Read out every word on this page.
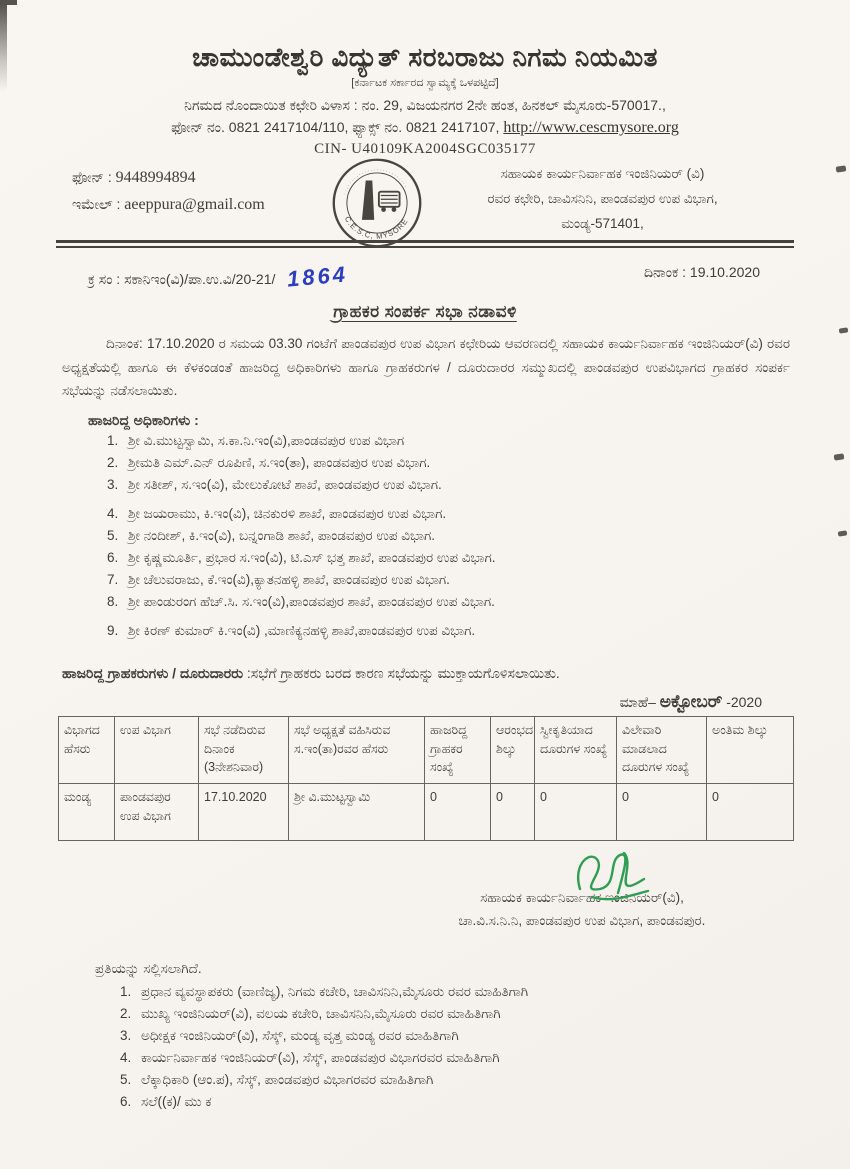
ಚಾಮುಂಡೇಶ್ವರಿ ವಿದ್ಯುತ್ ಸರಬರಾಜು ನಿಗಮ ನಿಯಮಿತ
[ಕರ್ನಾಟಕ ಸರ್ಕಾರದ ಸ್ವಾಮ್ಯಕ್ಕೆ ಒಳಪಟ್ಟಿದೆ]
ನಿಗಮದ ನೊಂದಾಯಿತ ಕಛೇರಿ ವಿಳಾಸ : ನಂ. 29, ವಿಜಯನಗರ 2ನೇ ಹಂತ, ಹಿನಕಲ್ ಮೈಸೂರು-570017.,
ಫೋನ್ ನಂ. 0821 2417104/110, ಫ್ಯಾಕ್ಸ್ ನಂ. 0821 2417107, http://www.cescmysore.org
CIN- U40109KA2004SGC035177
ಫೋನ್ : 9448994894
ಇಮೇಲ್ : aeeppura@gmail.com
C.E.S.C, MYSORE
··························
ಸಹಾಯಕ ಕಾರ್ಯನಿರ್ವಾಹಕ ಇಂಜಿನಿಯರ್ (ವಿ)
ರವರ ಕಛೇರಿ, ಚಾವಿಸನಿನಿ, ಪಾಂಡವಪುರ ಉಪ ವಿಭಾಗ,
ಮಂಡ್ಯ-571401,
ಕ್ರ ಸಂ : ಸಕಾನಿಇಂ(ವಿ)/ಪಾ.ಉ.ವಿ/20-21/ 1864	ದಿನಾಂಕ : 19.10.2020
ಗ್ರಾಹಕರ ಸಂಪರ್ಕ ಸಭಾ ನಡಾವಳಿ
ದಿನಾಂಕ: 17.10.2020 ರ ಸಮಯ 03.30 ಗಂಟೆಗೆ ಪಾಂಡವಪುರ ಉಪ ವಿಭಾಗ ಕಛೇರಿಯ ಆವರಣದಲ್ಲಿ ಸಹಾಯಕ ಕಾರ್ಯನಿರ್ವಾಹಕ ಇಂಜಿನಿಯರ್(ವಿ) ರವರ ಅಧ್ಯಕ್ಷತೆಯಲ್ಲಿ ಹಾಗೂ ಈ ಕೆಳಕಂಡಂತೆ ಹಾಜರಿದ್ದ ಅಧಿಕಾರಿಗಳು ಹಾಗೂ ಗ್ರಾಹಕರುಗಳ / ದೂರುದಾರರ ಸಮ್ಮುಖದಲ್ಲಿ ಪಾಂಡವಪುರ ಉಪವಿಭಾಗದ ಗ್ರಾಹಕರ ಸಂಪರ್ಕ ಸಭೆಯನ್ನು ನಡೆಸಲಾಯಿತು.
ಹಾಜರಿದ್ದ ಅಧಿಕಾರಿಗಳು :
1. ಶ್ರೀ ವಿ.ಮುಟ್ಟಸ್ವಾಮಿ, ಸ.ಕಾ.ನಿ.ಇಂ(ವಿ),ಪಾಂಡವಪುರ ಉಪ ವಿಭಾಗ
2. ಶ್ರೀಮತಿ ಎಮ್.ಎನ್ ರೂಪಿಣಿ, ಸ.ಇಂ(ತಾ), ಪಾಂಡವಪುರ ಉಪ ವಿಭಾಗ.
3. ಶ್ರೀ ಸತೀಶ್, ಸ.ಇಂ(ವಿ), ಮೇಲುಕೋಟೆ ಶಾಖೆ, ಪಾಂಡವಪುರ ಉಪ ವಿಭಾಗ.
4. ಶ್ರೀ ಜಯರಾಮು, ಕಿ.ಇಂ(ವಿ), ಚಿನಕುರಳಿ ಶಾಖೆ, ಪಾಂಡವಪುರ ಉಪ ವಿಭಾಗ.
5. ಶ್ರೀ ನಂದೀಶ್, ಕಿ.ಇಂ(ವಿ), ಬನ್ನಂಗಾಡಿ ಶಾಖೆ, ಪಾಂಡವಪುರ ಉಪ ವಿಭಾಗ.
6. ಶ್ರೀ ಕೃಷ್ಣಮೂರ್ತಿ, ಪ್ರಭಾರ ಸ.ಇಂ(ವಿ), ಟಿ.ಎಸ್ ಭತ್ತ ಶಾಖೆ, ಪಾಂಡವಪುರ ಉಪ ವಿಭಾಗ.
7. ಶ್ರೀ ಚೆಲುವರಾಜು, ಕೆ.ಇಂ(ವಿ),ಕ್ಯಾತನಹಳ್ಳಿ ಶಾಖೆ, ಪಾಂಡವಪುರ ಉಪ ವಿಭಾಗ.
8. ಶ್ರೀ ಪಾಂಡುರಂಗ ಹೆಚ್.ಸಿ. ಸ.ಇಂ(ವಿ),ಪಾಂಡವಪುರ ಶಾಖೆ, ಪಾಂಡವಪುರ ಉಪ ವಿಭಾಗ.
9. ಶ್ರೀ ಕಿರಣ್ ಕುಮಾರ್ ಕಿ.ಇಂ(ವಿ) ,ಮಾಣಿಕ್ಯನಹಳ್ಳಿ ಶಾಖೆ,ಪಾಂಡವಪುರ ಉಪ ವಿಭಾಗ.
ಹಾಜರಿದ್ದ ಗ್ರಾಹಕರುಗಳು / ದೂರುದಾರರು :ಸಭೆಗೆ ಗ್ರಾಹಕರು ಬರದ ಕಾರಣ ಸಭೆಯನ್ನು ಮುಕ್ತಾಯಗೊಳಿಸಲಾಯಿತು.
ಮಾಹೆ– ಅಕ್ಟೋಬರ್ -2020
ವಿಭಾಗದ ಹೆಸರು	ಉಪ ವಿಭಾಗ	ಸಭೆ ನಡೆದಿರುವ ದಿನಾಂಕ (3ನೇಶನಿವಾರ)	ಸಭೆ ಅಧ್ಯಕ್ಷತೆ ವಹಿಸಿರುವ ಸ.ಇಂ(ತಾ)ರವರ ಹೆಸರು	ಹಾಜರಿದ್ದ ಗ್ರಾಹಕರ ಸಂಖ್ಯೆ	ಆರಂಭದ ಶಿಲ್ಕು	ಸ್ವೀಕೃತಿಯಾದ ದೂರುಗಳ ಸಂಖ್ಯೆ	ವಿಲೇವಾರಿ ಮಾಡಲಾದ ದೂರುಗಳ ಸಂಖ್ಯೆ	ಅಂತಿಮ ಶಿಲ್ಕು
ಮಂಡ್ಯ	ಪಾಂಡವಪುರ ಉಪ ವಿಭಾಗ	17.10.2020	ಶ್ರೀ ವಿ.ಮುಟ್ಟಸ್ವಾಮಿ	0	0	0	0	0
ಸಹಾಯಕ ಕಾರ್ಯನಿರ್ವಾಹಕ ಇಂಜಿನಿಯರ್(ವಿ),
ಚಾ.ವಿ.ಸ.ನಿ.ನಿ, ಪಾಂಡವಪುರ ಉಪ ವಿಭಾಗ, ಪಾಂಡವಪುರ.
ಪ್ರತಿಯನ್ನು ಸಲ್ಲಿಸಲಾಗಿದೆ.
1. ಪ್ರಧಾನ ವ್ಯವಸ್ಥಾಪಕರು (ವಾಣಿಜ್ಯ), ನಿಗಮ ಕಚೇರಿ, ಚಾವಿಸನಿನಿ,ಮೈಸೂರು ರವರ ಮಾಹಿತಿಗಾಗಿ
2. ಮುಖ್ಯ ಇಂಜಿನಿಯರ್(ವಿ), ವಲಯ ಕಚೇರಿ, ಚಾವಿಸನಿನಿ,ಮೈಸೂರು ರವರ ಮಾಹಿತಿಗಾಗಿ
3. ಅಧೀಕ್ಷಕ ಇಂಜಿನಿಯರ್(ವಿ), ಸೆಸ್ಕ್, ಮಂಡ್ಯ ವೃತ್ತ ಮಂಡ್ಯ ರವರ ಮಾಹಿತಿಗಾಗಿ
4. ಕಾರ್ಯನಿರ್ವಾಹಕ ಇಂಜಿನಿಯರ್(ವಿ), ಸೆಸ್ಕ್, ಪಾಂಡವಪುರ ವಿಭಾಗರವರ ಮಾಹಿತಿಗಾಗಿ
5. ಲೆಕ್ಕಾಧಿಕಾರಿ (ಆಂ.ಪ), ಸೆಸ್ಕ್, ಪಾಂಡವಪುರ ವಿಭಾಗರವರ ಮಾಹಿತಿಗಾಗಿ
6. ಸಲೆ((ಕ)/ ಮು ಕ
